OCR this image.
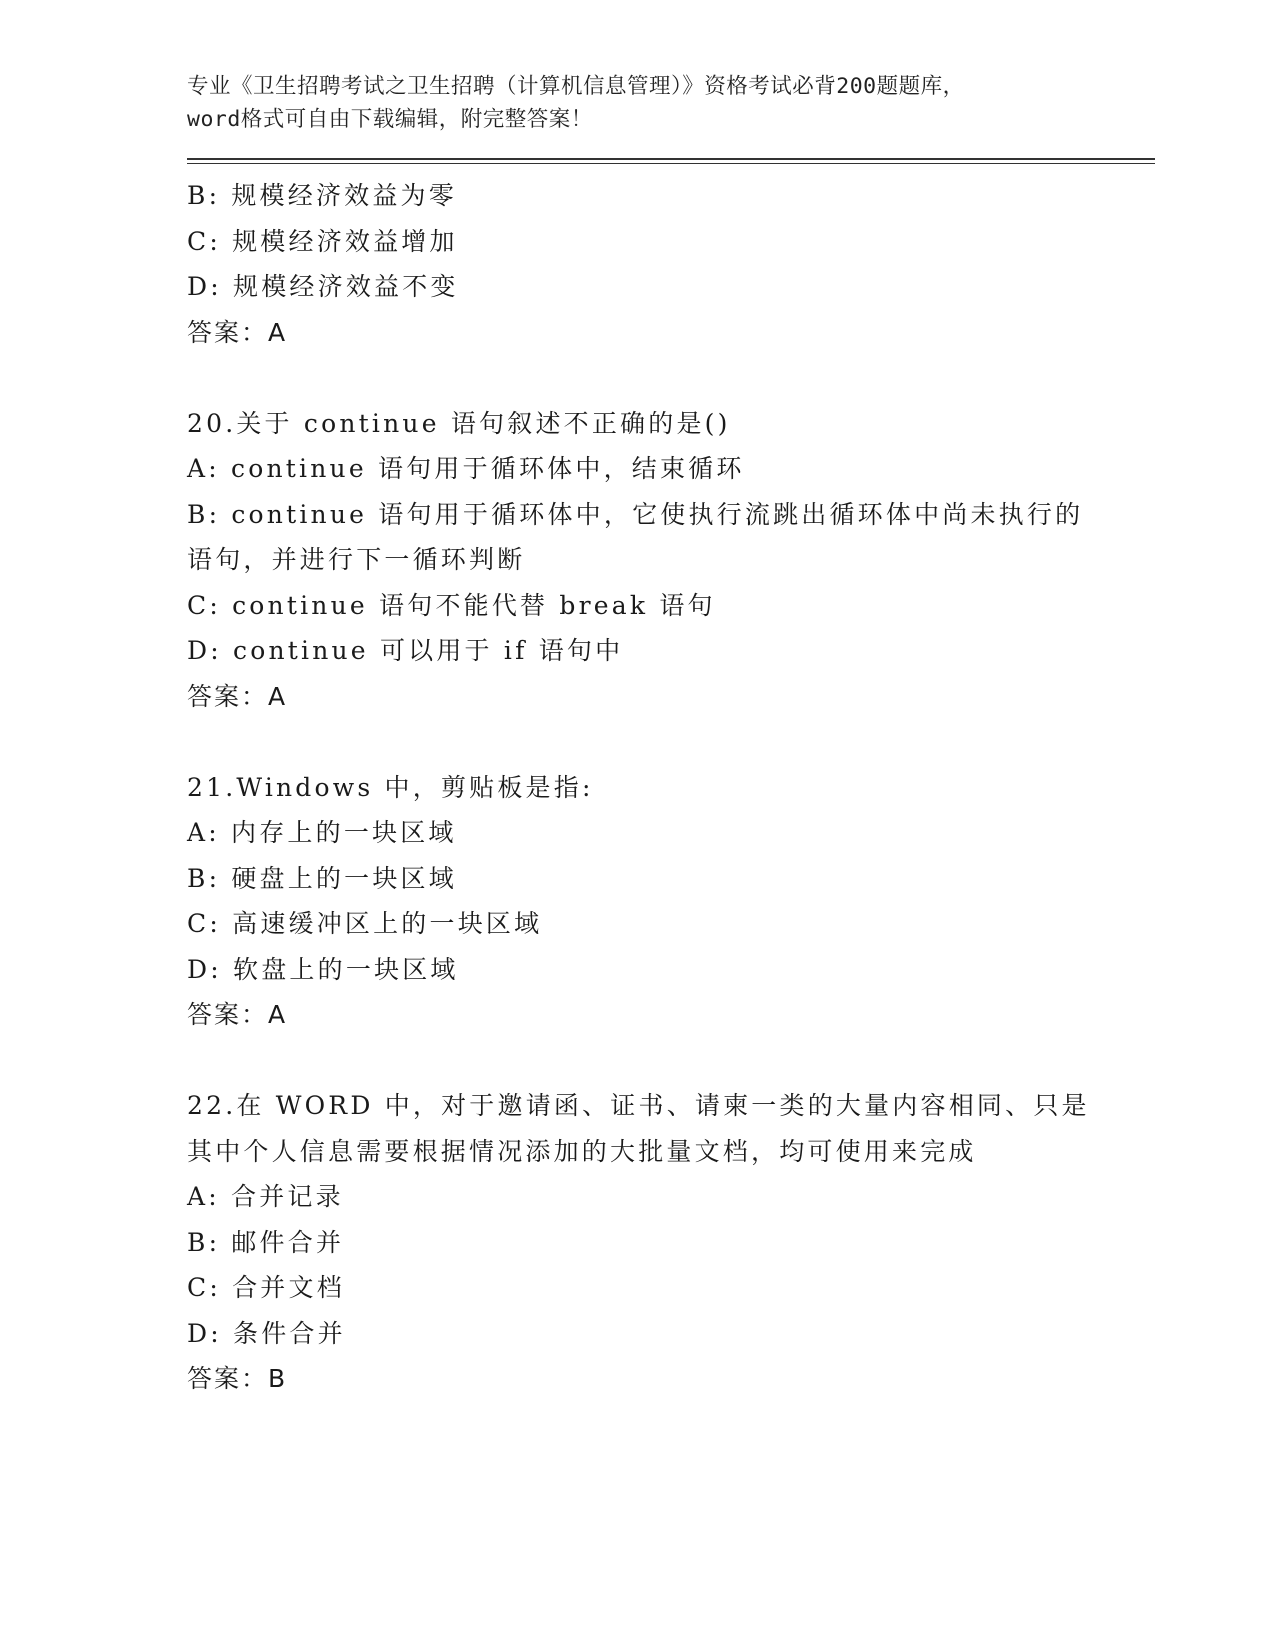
专业《卫生招聘考试之卫生招聘（计算机信息管理）》资格考试必背200题题库，
word格式可自由下载编辑，附完整答案！
B: 规模经济效益为零
C: 规模经济效益增加
D: 规模经济效益不变
答案：A
20.关于 continue 语句叙述不正确的是()
A: continue 语句用于循环体中，结束循环
B: continue 语句用于循环体中，它使执行流跳出循环体中尚未执行的
语句，并进行下一循环判断
C: continue 语句不能代替 break 语句
D: continue 可以用于 if 语句中
答案：A
21.Windows 中，剪贴板是指:
A: 内存上的一块区域
B: 硬盘上的一块区域
C: 高速缓冲区上的一块区域
D: 软盘上的一块区域
答案：A
22.在 WORD 中，对于邀请函、证书、请柬一类的大量内容相同、只是
其中个人信息需要根据情况添加的大批量文档，均可使用来完成
A: 合并记录
B: 邮件合并
C: 合并文档
D: 条件合并
答案：B
